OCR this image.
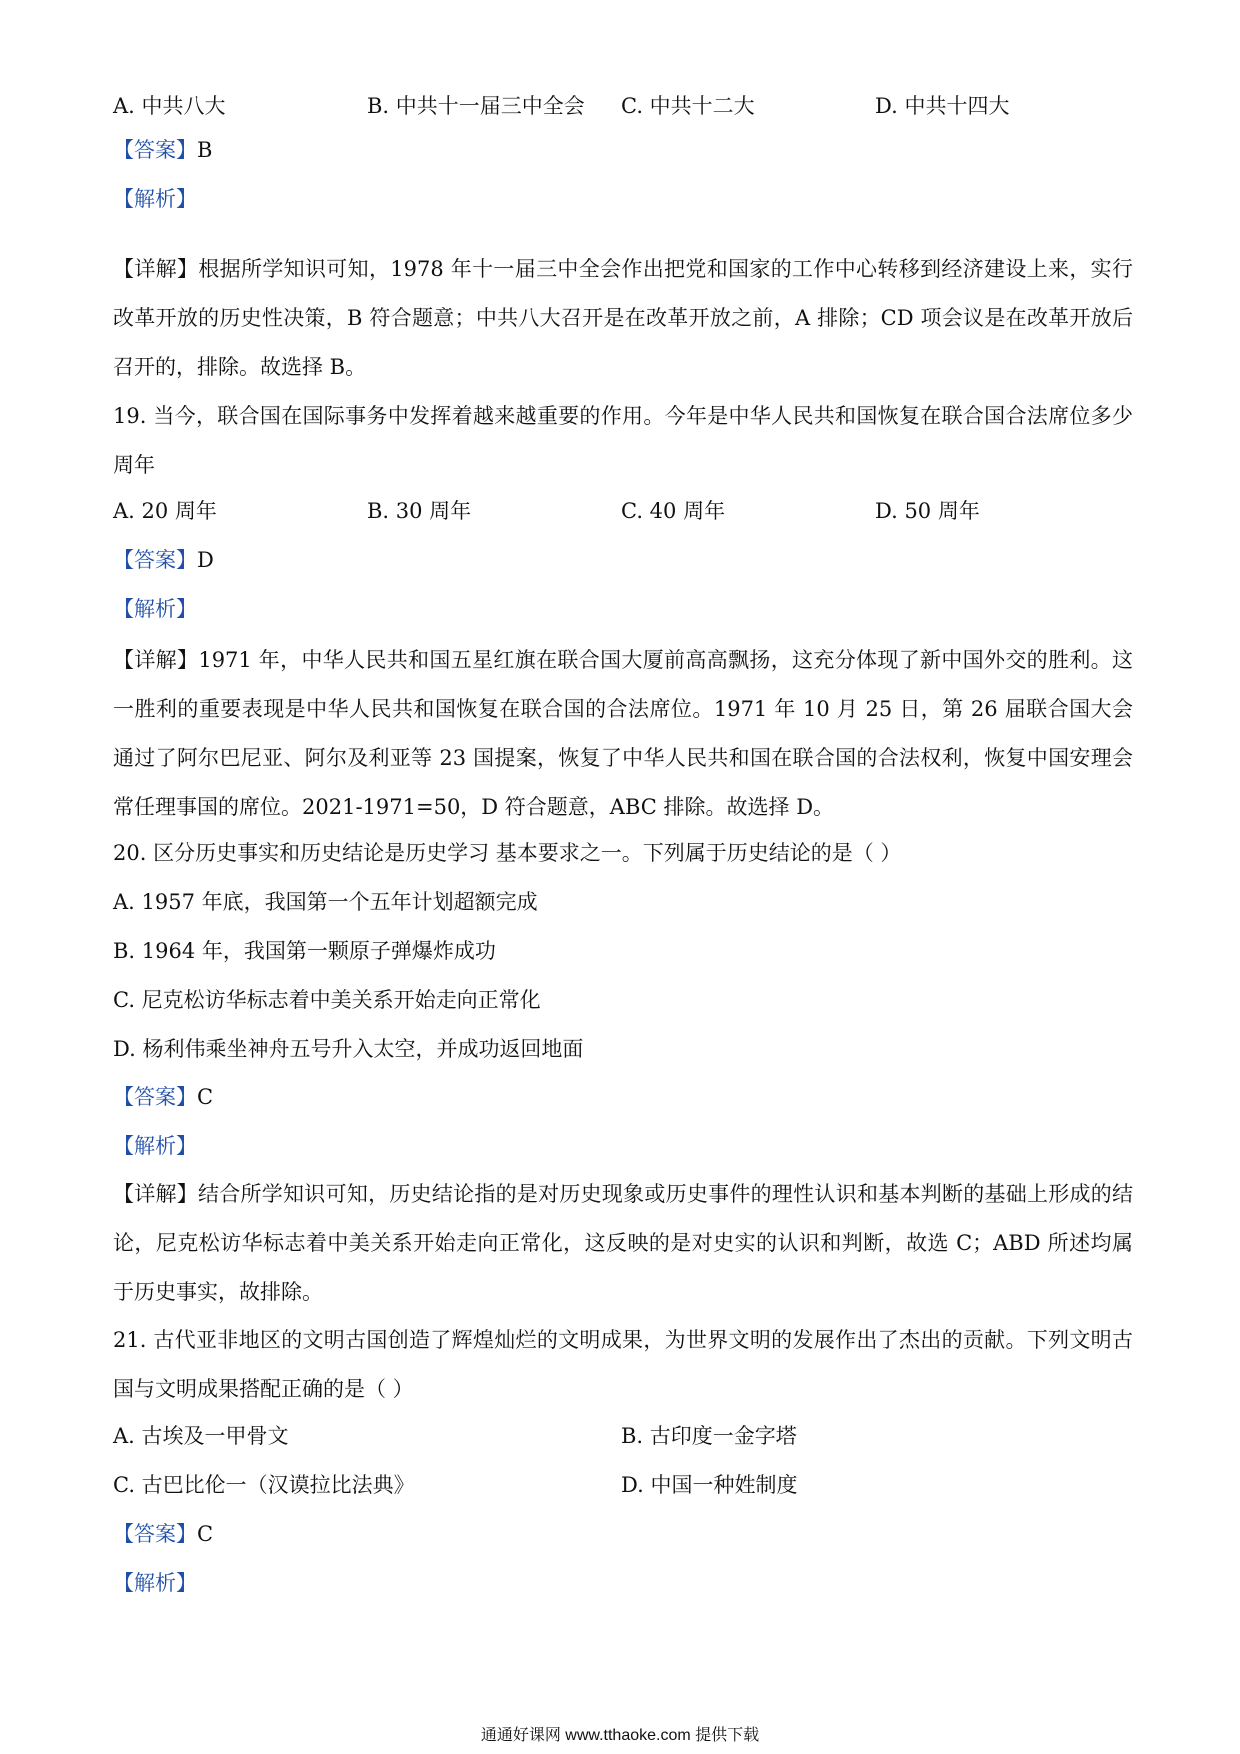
A. 中共八大	B. 中共十一届三中全会 C. 中共十二大	D. 中共十四大
【答案】B
【解析】
【详解】根据所学知识可知，1978 年十一届三中全会作出把党和国家的工作中心转移到经济建设上来，实行改革开放的历史性决策，B 符合题意；中共八大召开是在改革开放之前，A 排除；CD 项会议是在改革开放后召开的，排除。故选择 B。
19. 当今，联合国在国际事务中发挥着越来越重要的作用。今年是中华人民共和国恢复在联合国合法席位多少周年
A. 20 周年	B. 30 周年	C. 40 周年	D. 50 周年
【答案】D
【解析】
【详解】1971 年，中华人民共和国五星红旗在联合国大厦前高高飘扬，这充分体现了新中国外交的胜利。这一胜利的重要表现是中华人民共和国恢复在联合国的合法席位。1971 年 10 月 25 日，第 26 届联合国大会通过了阿尔巴尼亚、阿尔及利亚等 23 国提案，恢复了中华人民共和国在联合国的合法权利，恢复中国安理会常任理事国的席位。2021-1971=50，D 符合题意，ABC 排除。故选择 D。
20. 区分历史事实和历史结论是历史学习 基本要求之一。下列属于历史结论的是（ ）
A. 1957 年底，我国第一个五年计划超额完成
B. 1964 年，我国第一颗原子弹爆炸成功
C. 尼克松访华标志着中美关系开始走向正常化
D. 杨利伟乘坐神舟五号升入太空，并成功返回地面
【答案】C
【解析】
【详解】结合所学知识可知，历史结论指的是对历史现象或历史事件的理性认识和基本判断的基础上形成的结论，尼克松访华标志着中美关系开始走向正常化，这反映的是对史实的认识和判断，故选 C；ABD 所述均属于历史事实，故排除。
21. 古代亚非地区的文明古国创造了辉煌灿烂的文明成果，为世界文明的发展作出了杰出的贡献。下列文明古国与文明成果搭配正确的是（ ）
A. 古埃及一甲骨文	B. 古印度一金字塔
C. 古巴比伦一（汉谟拉比法典》	D. 中国一种姓制度
【答案】C
【解析】
通通好课网 www.tthaoke.com 提供下载
